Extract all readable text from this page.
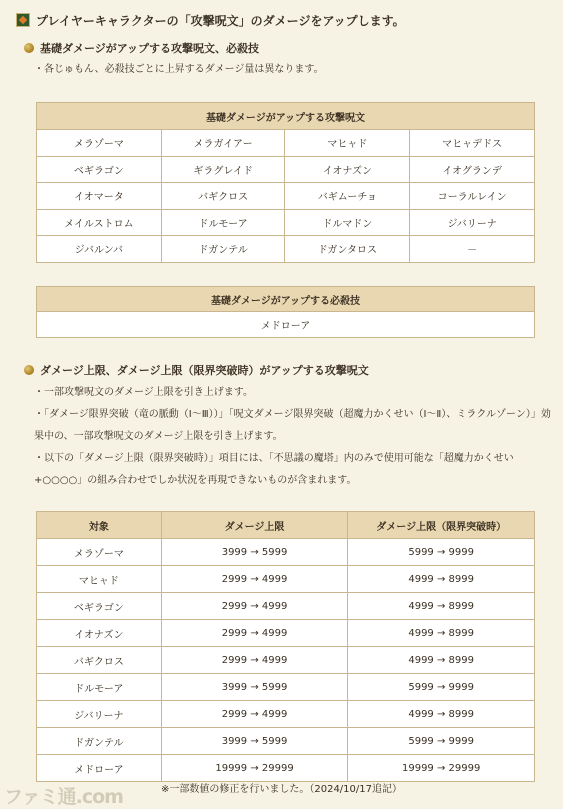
プレイヤーキャラクターの「攻撃呪文」のダメージをアップします。
基礎ダメージがアップする攻撃呪文、必殺技
・各じゅもん、必殺技ごとに上昇するダメージ量は異なります。
基礎ダメージがアップする攻撃呪文			
メラゾーマ	メラガイアー	マヒャド	マヒャデドス
ベギラゴン	ギラグレイド	イオナズン	イオグランデ
イオマータ	バギクロス	バギムーチョ	コーラルレイン
メイルストロム	ドルモーア	ドルマドン	ジバリーナ
ジバルンバ	ドガンテル	ドガンタロス	－
基礎ダメージがアップする必殺技
メドローア
ダメージ上限、ダメージ上限（限界突破時）がアップする攻撃呪文
・一部攻撃呪文のダメージ上限を引き上げます。
・「ダメージ限界突破（竜の脈動（Ⅰ～Ⅲ））」「呪文ダメージ限界突破（超魔力かくせい（Ⅰ～Ⅱ）、ミラクルゾーン）」効
果中の、一部攻撃呪文のダメージ上限を引き上げます。
・以下の「ダメージ上限（限界突破時）」項目には、「不思議の魔塔」内のみで使用可能な「超魔力かくせい
+○○○○」の組み合わせでしか状況を再現できないものが含まれます。
対象	ダメージ上限	ダメージ上限（限界突破時）
メラゾーマ	3999 → 5999	5999 → 9999
マヒャド	2999 → 4999	4999 → 8999
ベギラゴン	2999 → 4999	4999 → 8999
イオナズン	2999 → 4999	4999 → 8999
バギクロス	2999 → 4999	4999 → 8999
ドルモーア	3999 → 5999	5999 → 9999
ジバリーナ	2999 → 4999	4999 → 8999
ドガンテル	3999 → 5999	5999 → 9999
メドローア	19999 → 29999	19999 → 29999
ファミ通.com	※一部数値の修正を行いました。（2024/10/17追記）
